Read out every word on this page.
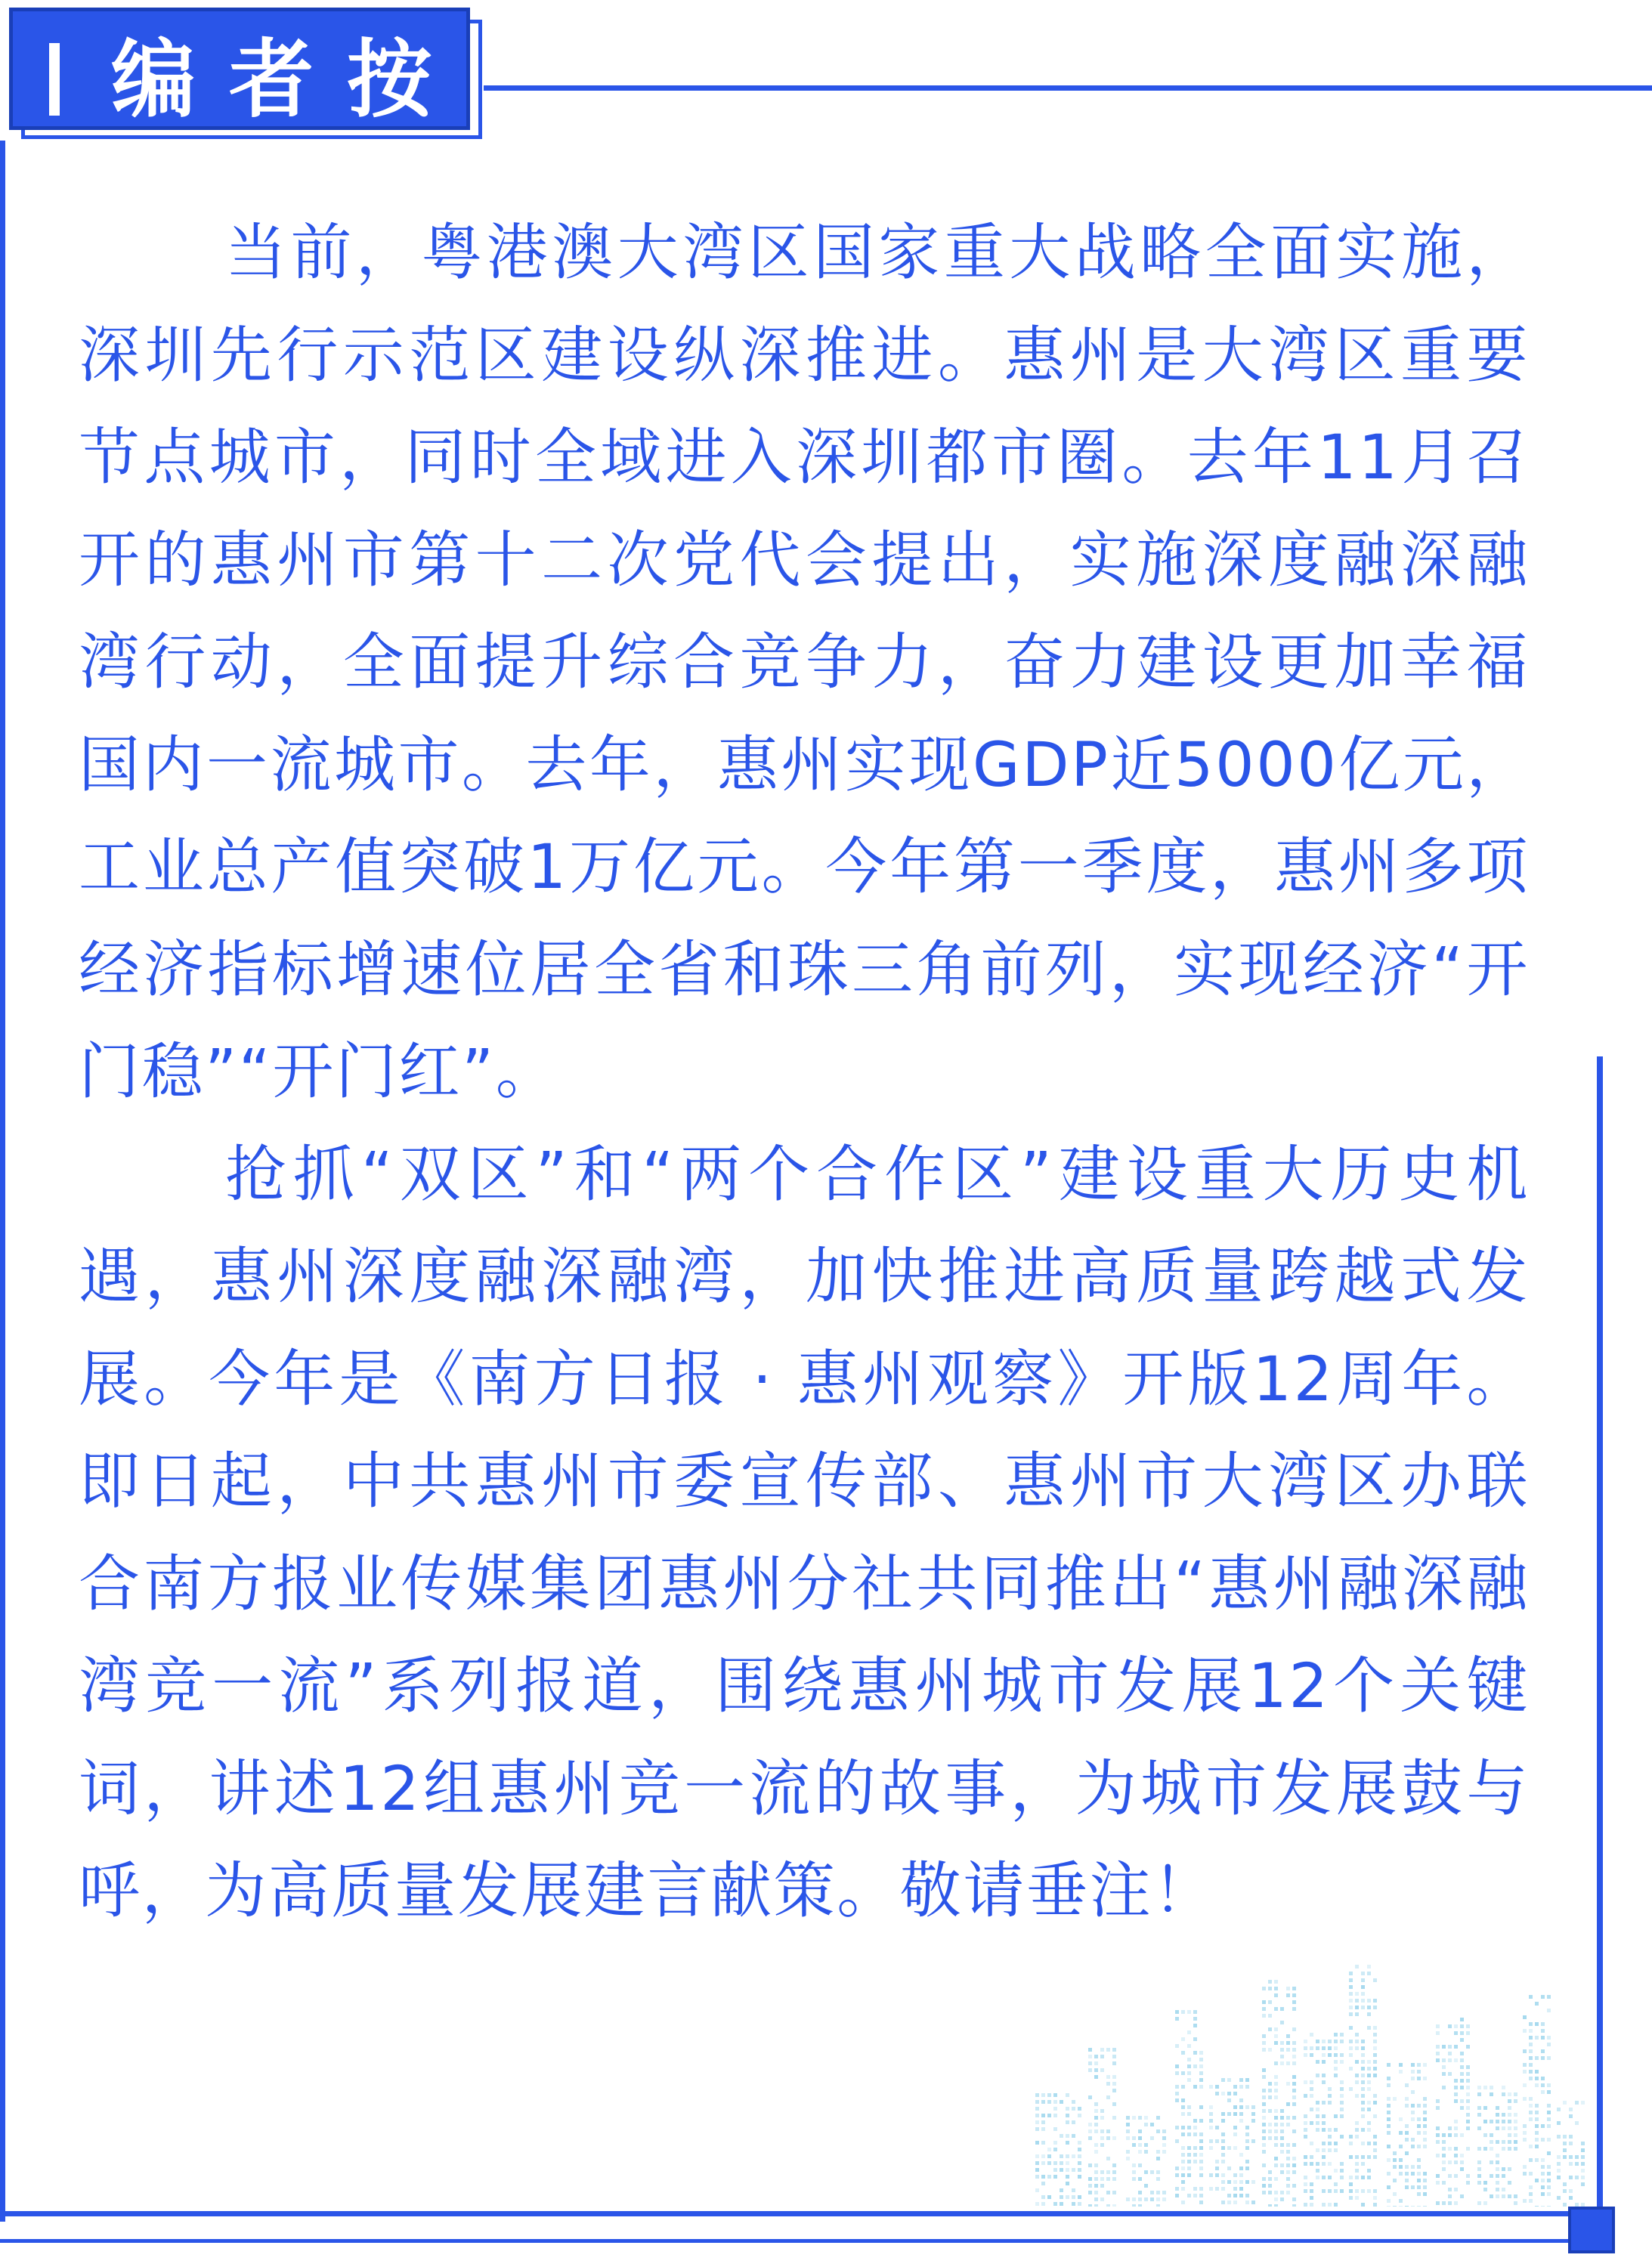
编者按

当前，粤港澳大湾区国家重大战略全面实施，深圳先行示范区建设纵深推进。惠州是大湾区重要节点城市，同时全域进入深圳都市圈。去年11月召开的惠州市第十二次党代会提出，实施深度融深融湾行动，全面提升综合竞争力，奋力建设更加幸福国内一流城市。去年，惠州实现GDP近5000亿元，工业总产值突破1万亿元。今年第一季度，惠州多项经济指标增速位居全省和珠三角前列，实现经济“开门稳”“开门红”。

抢抓“双区”和“两个合作区”建设重大历史机遇，惠州深度融深融湾，加快推进高质量跨越式发展。今年是《南方日报 · 惠州观察》开版12周年。即日起，中共惠州市委宣传部、惠州市大湾区办联合南方报业传媒集团惠州分社共同推出“惠州融深融湾竞一流”系列报道，围绕惠州城市发展12个关键词，讲述12组惠州竞一流的故事，为城市发展鼓与呼，为高质量发展建言献策。敬请垂注！
